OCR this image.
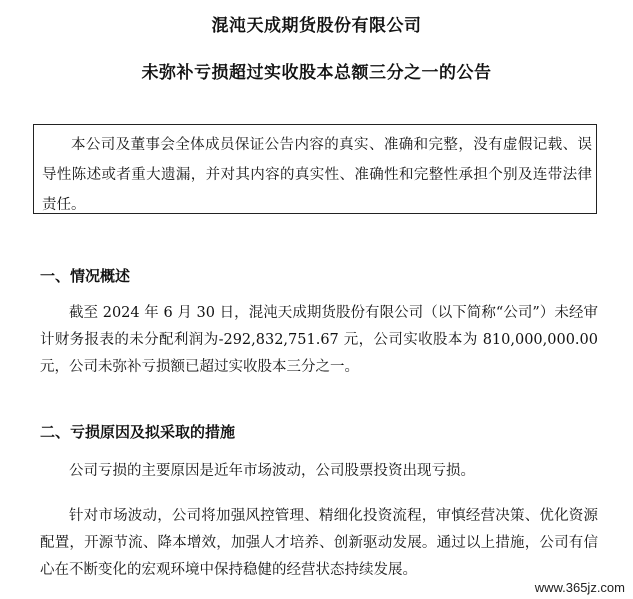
混沌天成期货股份有限公司
未弥补亏损超过实收股本总额三分之一的公告

本公司及董事会全体成员保证公告内容的真实、准确和完整，没有虚假记载、误导性陈述或者重大遗漏，并对其内容的真实性、准确性和完整性承担个别及连带法律责任。

一、情况概述

截至 2024 年 6 月 30 日，混沌天成期货股份有限公司（以下简称“公司”）未经审计财务报表的未分配利润为-292,832,751.67 元，公司实收股本为 810,000,000.00 元，公司未弥补亏损额已超过实收股本三分之一。

二、亏损原因及拟采取的措施

公司亏损的主要原因是近年市场波动，公司股票投资出现亏损。

针对市场波动，公司将加强风控管理、精细化投资流程，审慎经营决策、优化资源配置，开源节流、降本增效，加强人才培养、创新驱动发展。通过以上措施，公司有信心在不断变化的宏观环境中保持稳健的经营状态持续发展。

www.365jz.com
